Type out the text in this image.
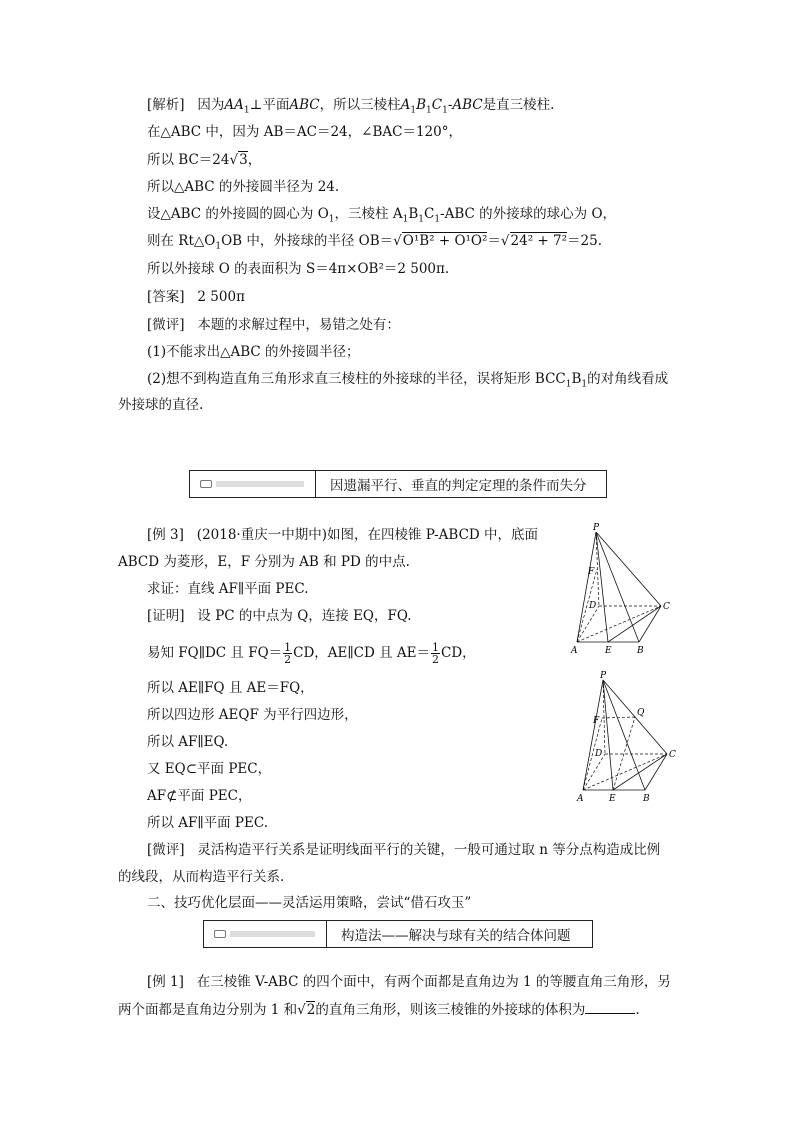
[解析] 因为$AA_1\perp$平面ABC，所以三棱柱$A_1B_1C_1$-ABC是直三棱柱.
在△ABC 中，因为 AB＝AC＝24，∠BAC＝120°，
所以 BC＝24√3，
所以△ABC 的外接圆半径为 24.
设△ABC 的外接圆的圆心为 $O_1$，三棱柱 $A_1B_1C_1$-ABC 的外接球的球心为 O，
则在 $Rt\triangle O_1OB$ 中，外接球的半径 OB＝√O¹B² + O¹O²＝√24² + 7²＝25.
所以外接球 O 的表面积为 S＝4π×OB²＝2 500π.
[答案] 2 500π
[微评] 本题的求解过程中，易错之处有：
(1)不能求出△ABC 的外接圆半径；
(2)想不到构造直角三角形求直三棱柱的外接球的半径，误将矩形 $BCC_1B_1$的对角线看成
外接球的直径.
因遗漏平行、垂直的判定定理的条件而失分
[例 3] (2018·重庆一中期中)如图，在四棱锥 P-ABCD 中，底面
ABCD 为菱形，E，F 分别为 AB 和 PD 的中点.
求证：直线 AF∥平面 PEC.
[证明] 设 PC 的中点为 Q，连接 EQ，FQ.
易知 FQ∥DC 且 $FQ= \frac{1}{2}$ CD，AE∥CD 且 $AE= \frac{1}{2}$ CD，
所以 AE∥FQ 且 AE＝FQ，
所以四边形 AEQF 为平行四边形，
所以 AF∥EQ.
又 EQ⊂平面 PEC，
AF⊄平面 PEC，
所以 AF∥平面 PEC.
[微评] 灵活构造平行关系是证明线面平行的关键，一般可通过取 n 等分点构造成比例
的线段，从而构造平行关系.
P
A	E	B
C
D
F
P
Q
A	E	B
C
D
F
二、技巧优化层面——灵活运用策略，尝试“借石攻玉”
构造法——解决与球有关的结合体问题
[例 1] 在三棱锥 V-ABC 的四个面中，有两个面都是直角边为 1 的等腰直角三角形，另
两个面都是直角边分别为 1 和√2的直角三角形，则该三棱锥的外接球的体积为	.
